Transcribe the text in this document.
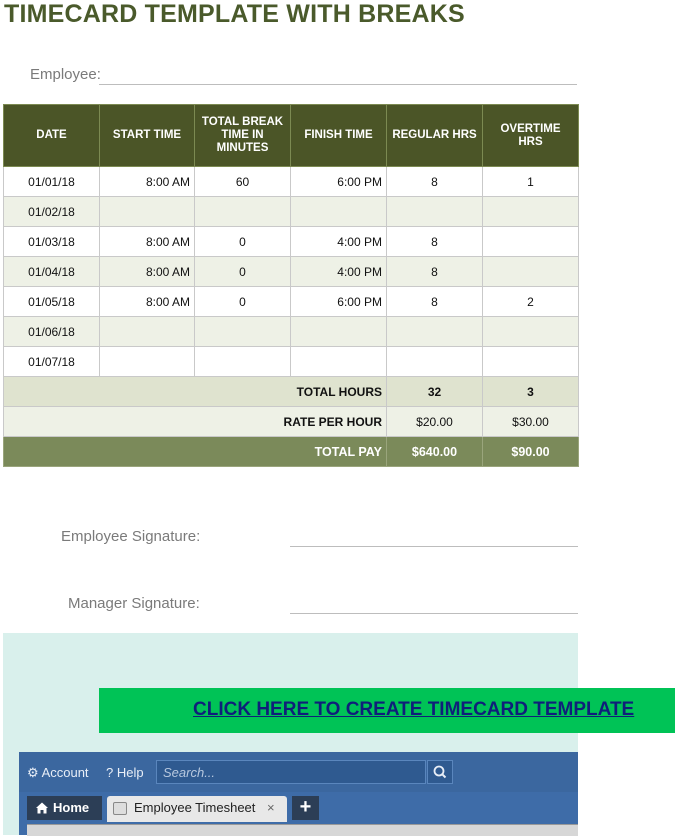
TIMECARD TEMPLATE WITH BREAKS
Employee:
DATE	START TIME	TOTAL BREAK TIME IN MINUTES	FINISH TIME	REGULAR HRS	OVERTIME HRS
01/01/18	8:00 AM	60	6:00 PM	8	1
01/02/18					
01/03/18	8:00 AM	0	4:00 PM	8	
01/04/18	8:00 AM	0	4:00 PM	8	
01/05/18	8:00 AM	0	6:00 PM	8	2
01/06/18					
01/07/18					
TOTAL HOURS				32	3
RATE PER HOUR				$20.00	$30.00
TOTAL PAY				$640.00	$90.00
Employee Signature:
Manager Signature:
CLICK HERE TO CREATE TIMECARD TEMPLATE
⚙ Account ? Help Search...
Home	Employee Timesheet ×	+
